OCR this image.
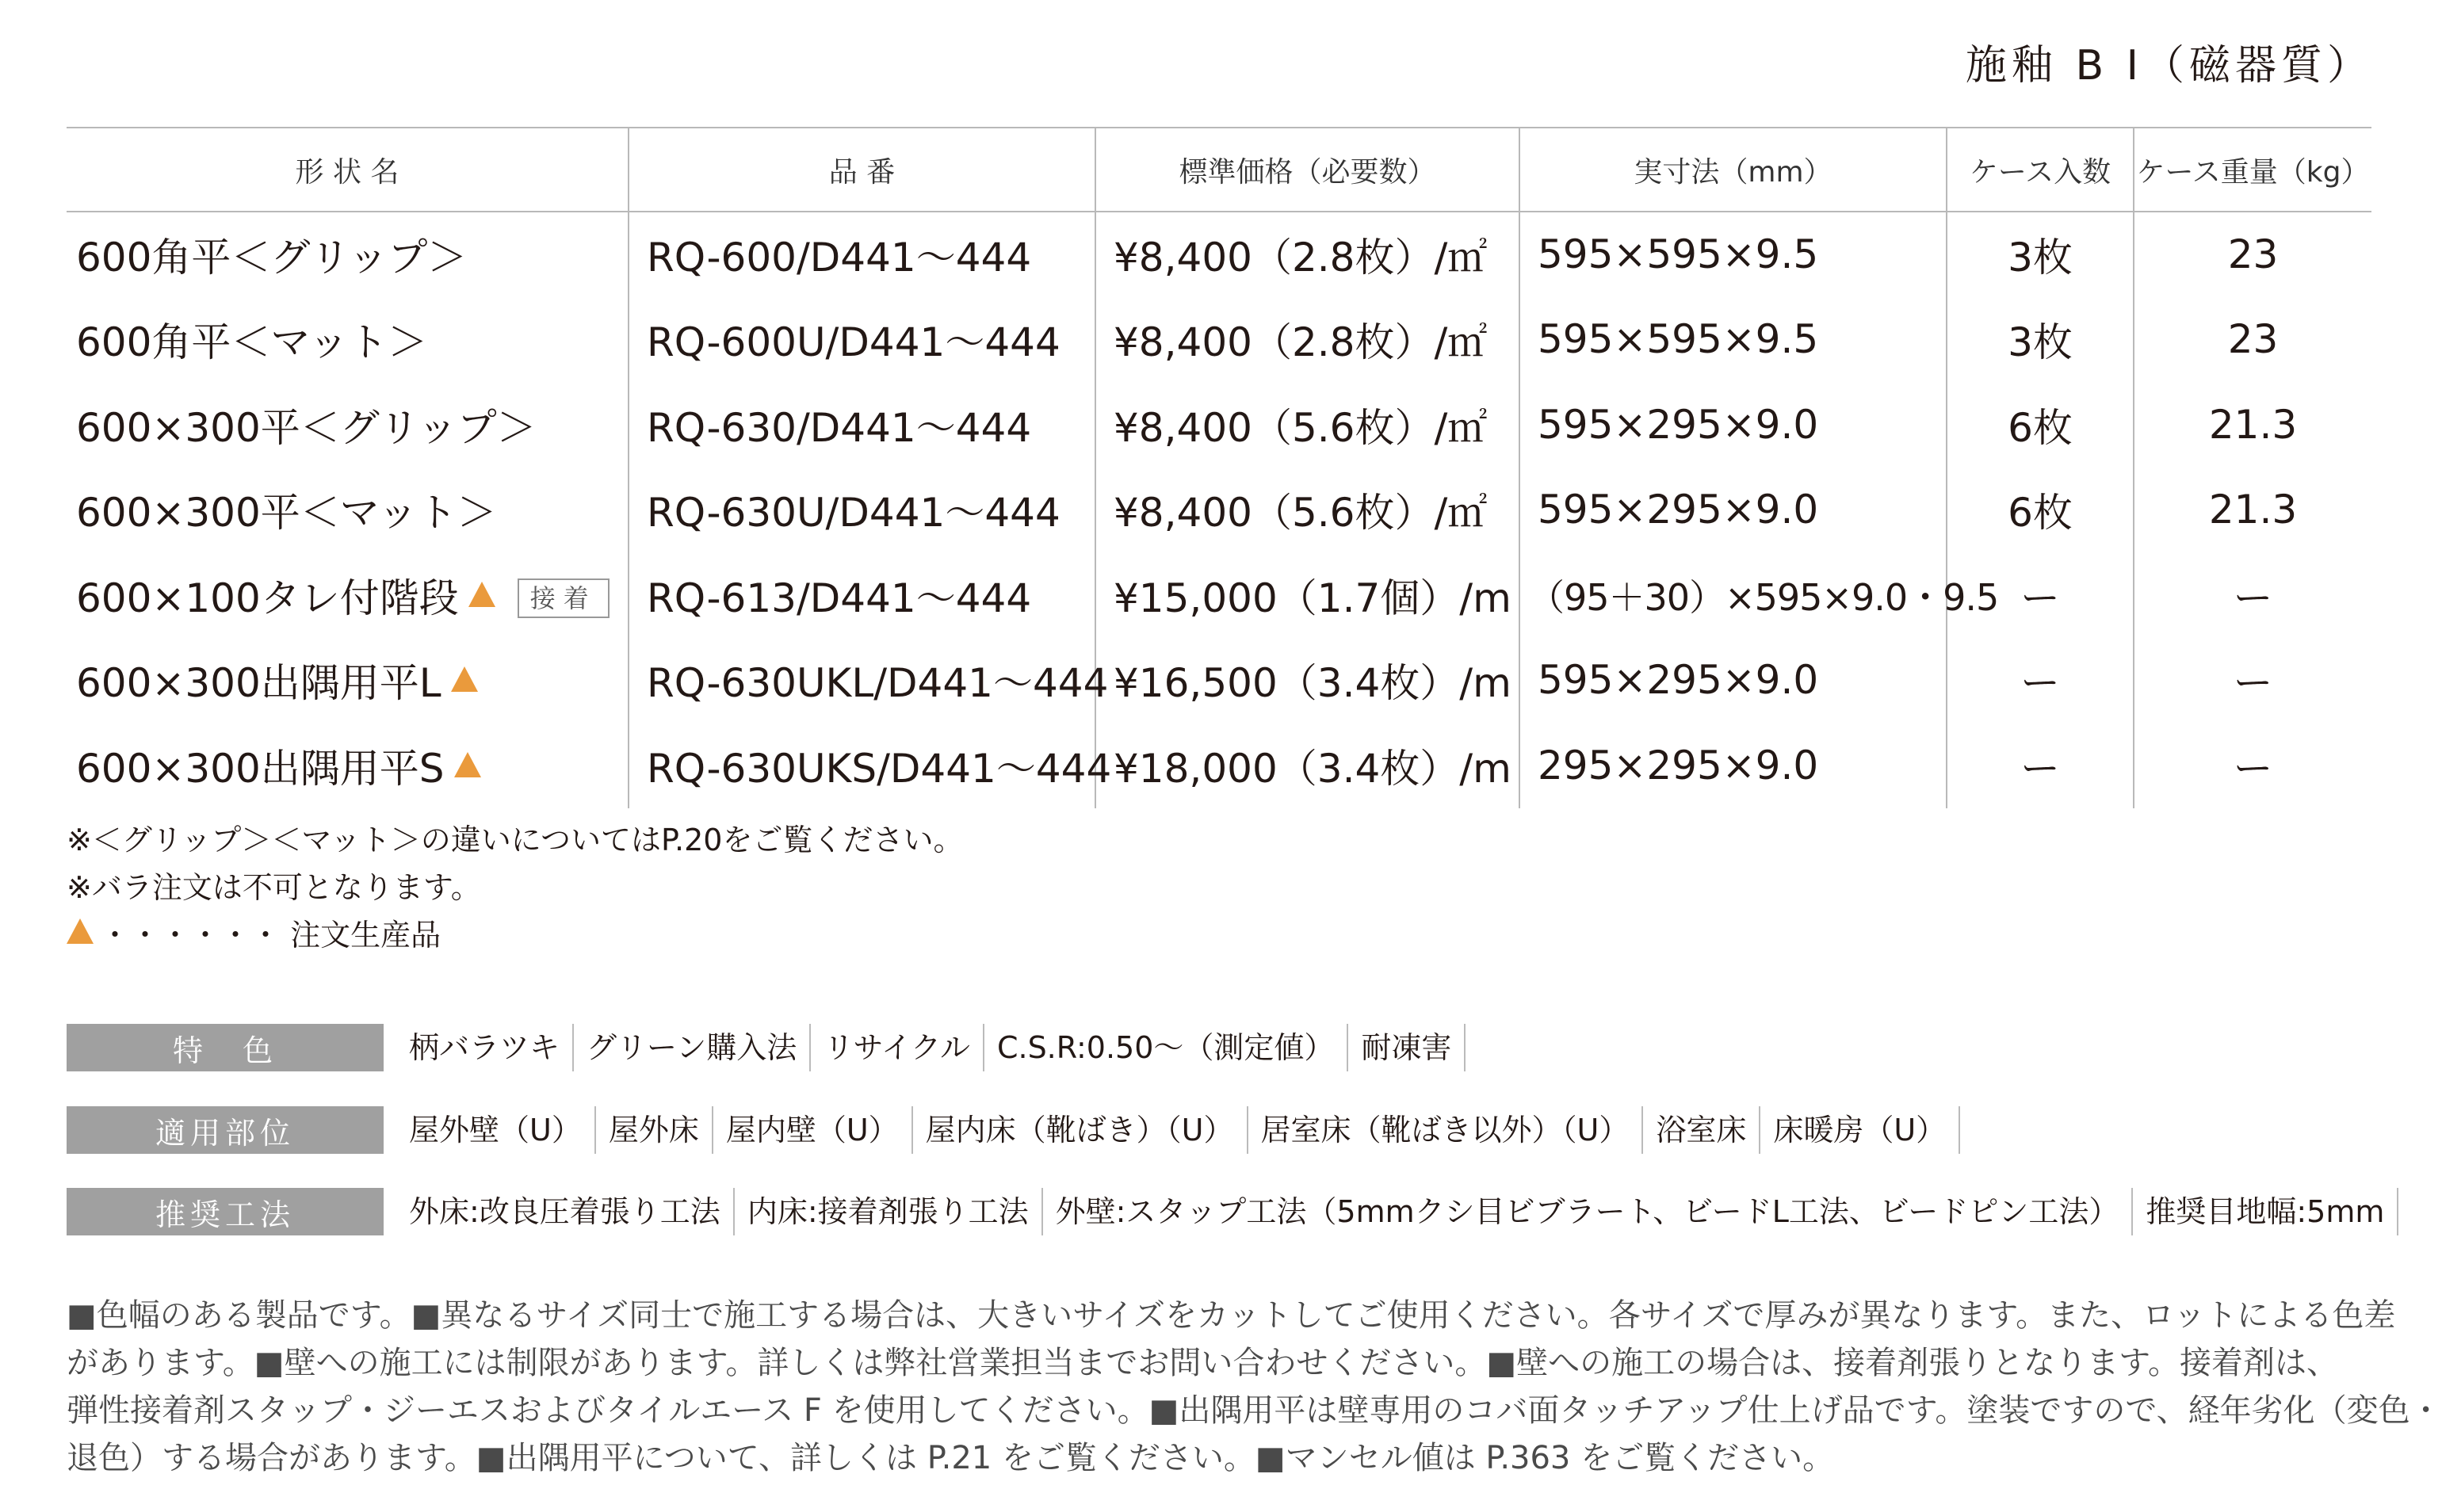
施釉 B I（磁器質）
形 状 名	品 番	標準価格（必要数）	実寸法（mm）	ケース入数	ケース重量（kg）
600角平＜グリップ＞	RQ-600/D441～444	¥8,400（2.8枚）/㎡	595×595×9.5	3枚	23
600角平＜マット＞	RQ-600U/D441～444	¥8,400（2.8枚）/㎡	595×595×9.5	3枚	23
600×300平＜グリップ＞	RQ-630/D441～444	¥8,400（5.6枚）/㎡	595×295×9.0	6枚	21.3
600×300平＜マット＞	RQ-630U/D441～444	¥8,400（5.6枚）/㎡	595×295×9.0	6枚	21.3
600×100タレ付階段 接着	RQ-613/D441～444	¥15,000（1.7個）/m	（95＋30）×595×9.0・9.5	ー	ー
600×300出隅用平L	RQ-630UKL/D441～444	¥16,500（3.4枚）/m	595×295×9.0	ー	ー
600×300出隅用平S	RQ-630UKS/D441～444	¥18,000（3.4枚）/m	295×295×9.0	ー	ー
※＜グリップ＞＜マット＞の違いについてはP.20をご覧ください。
※バラ注文は不可となります。
・・・・・・ 注文生産品
特　色	柄バラツキ グリーン購入法 リサイクル C.S.R:0.50～（測定値） 耐凍害
適用部位	屋外壁（U） 屋外床 屋内壁（U） 屋内床（靴ばき）（U） 居室床（靴ばき以外）（U） 浴室床 床暖房（U）
推奨工法	外床:改良圧着張り工法 内床:接着剤張り工法 外壁:スタップ工法（5mmクシ目ビブラート、ビードL工法、ビードピン工法） 推奨目地幅:5mm
■色幅のある製品です。■異なるサイズ同士で施工する場合は、大きいサイズをカットしてご使用ください。各サイズで厚みが異なります。また、ロットによる色差
があります。■壁への施工には制限があります。詳しくは弊社営業担当までお問い合わせください。■壁への施工の場合は、接着剤張りとなります。接着剤は、
弾性接着剤スタップ・ジーエスおよびタイルエース F を使用してください。■出隅用平は壁専用のコバ面タッチアップ仕上げ品です。塗装ですので、経年劣化（変色・
退色）する場合があります。■出隅用平について、詳しくは P.21 をご覧ください。■マンセル値は P.363 をご覧ください。
